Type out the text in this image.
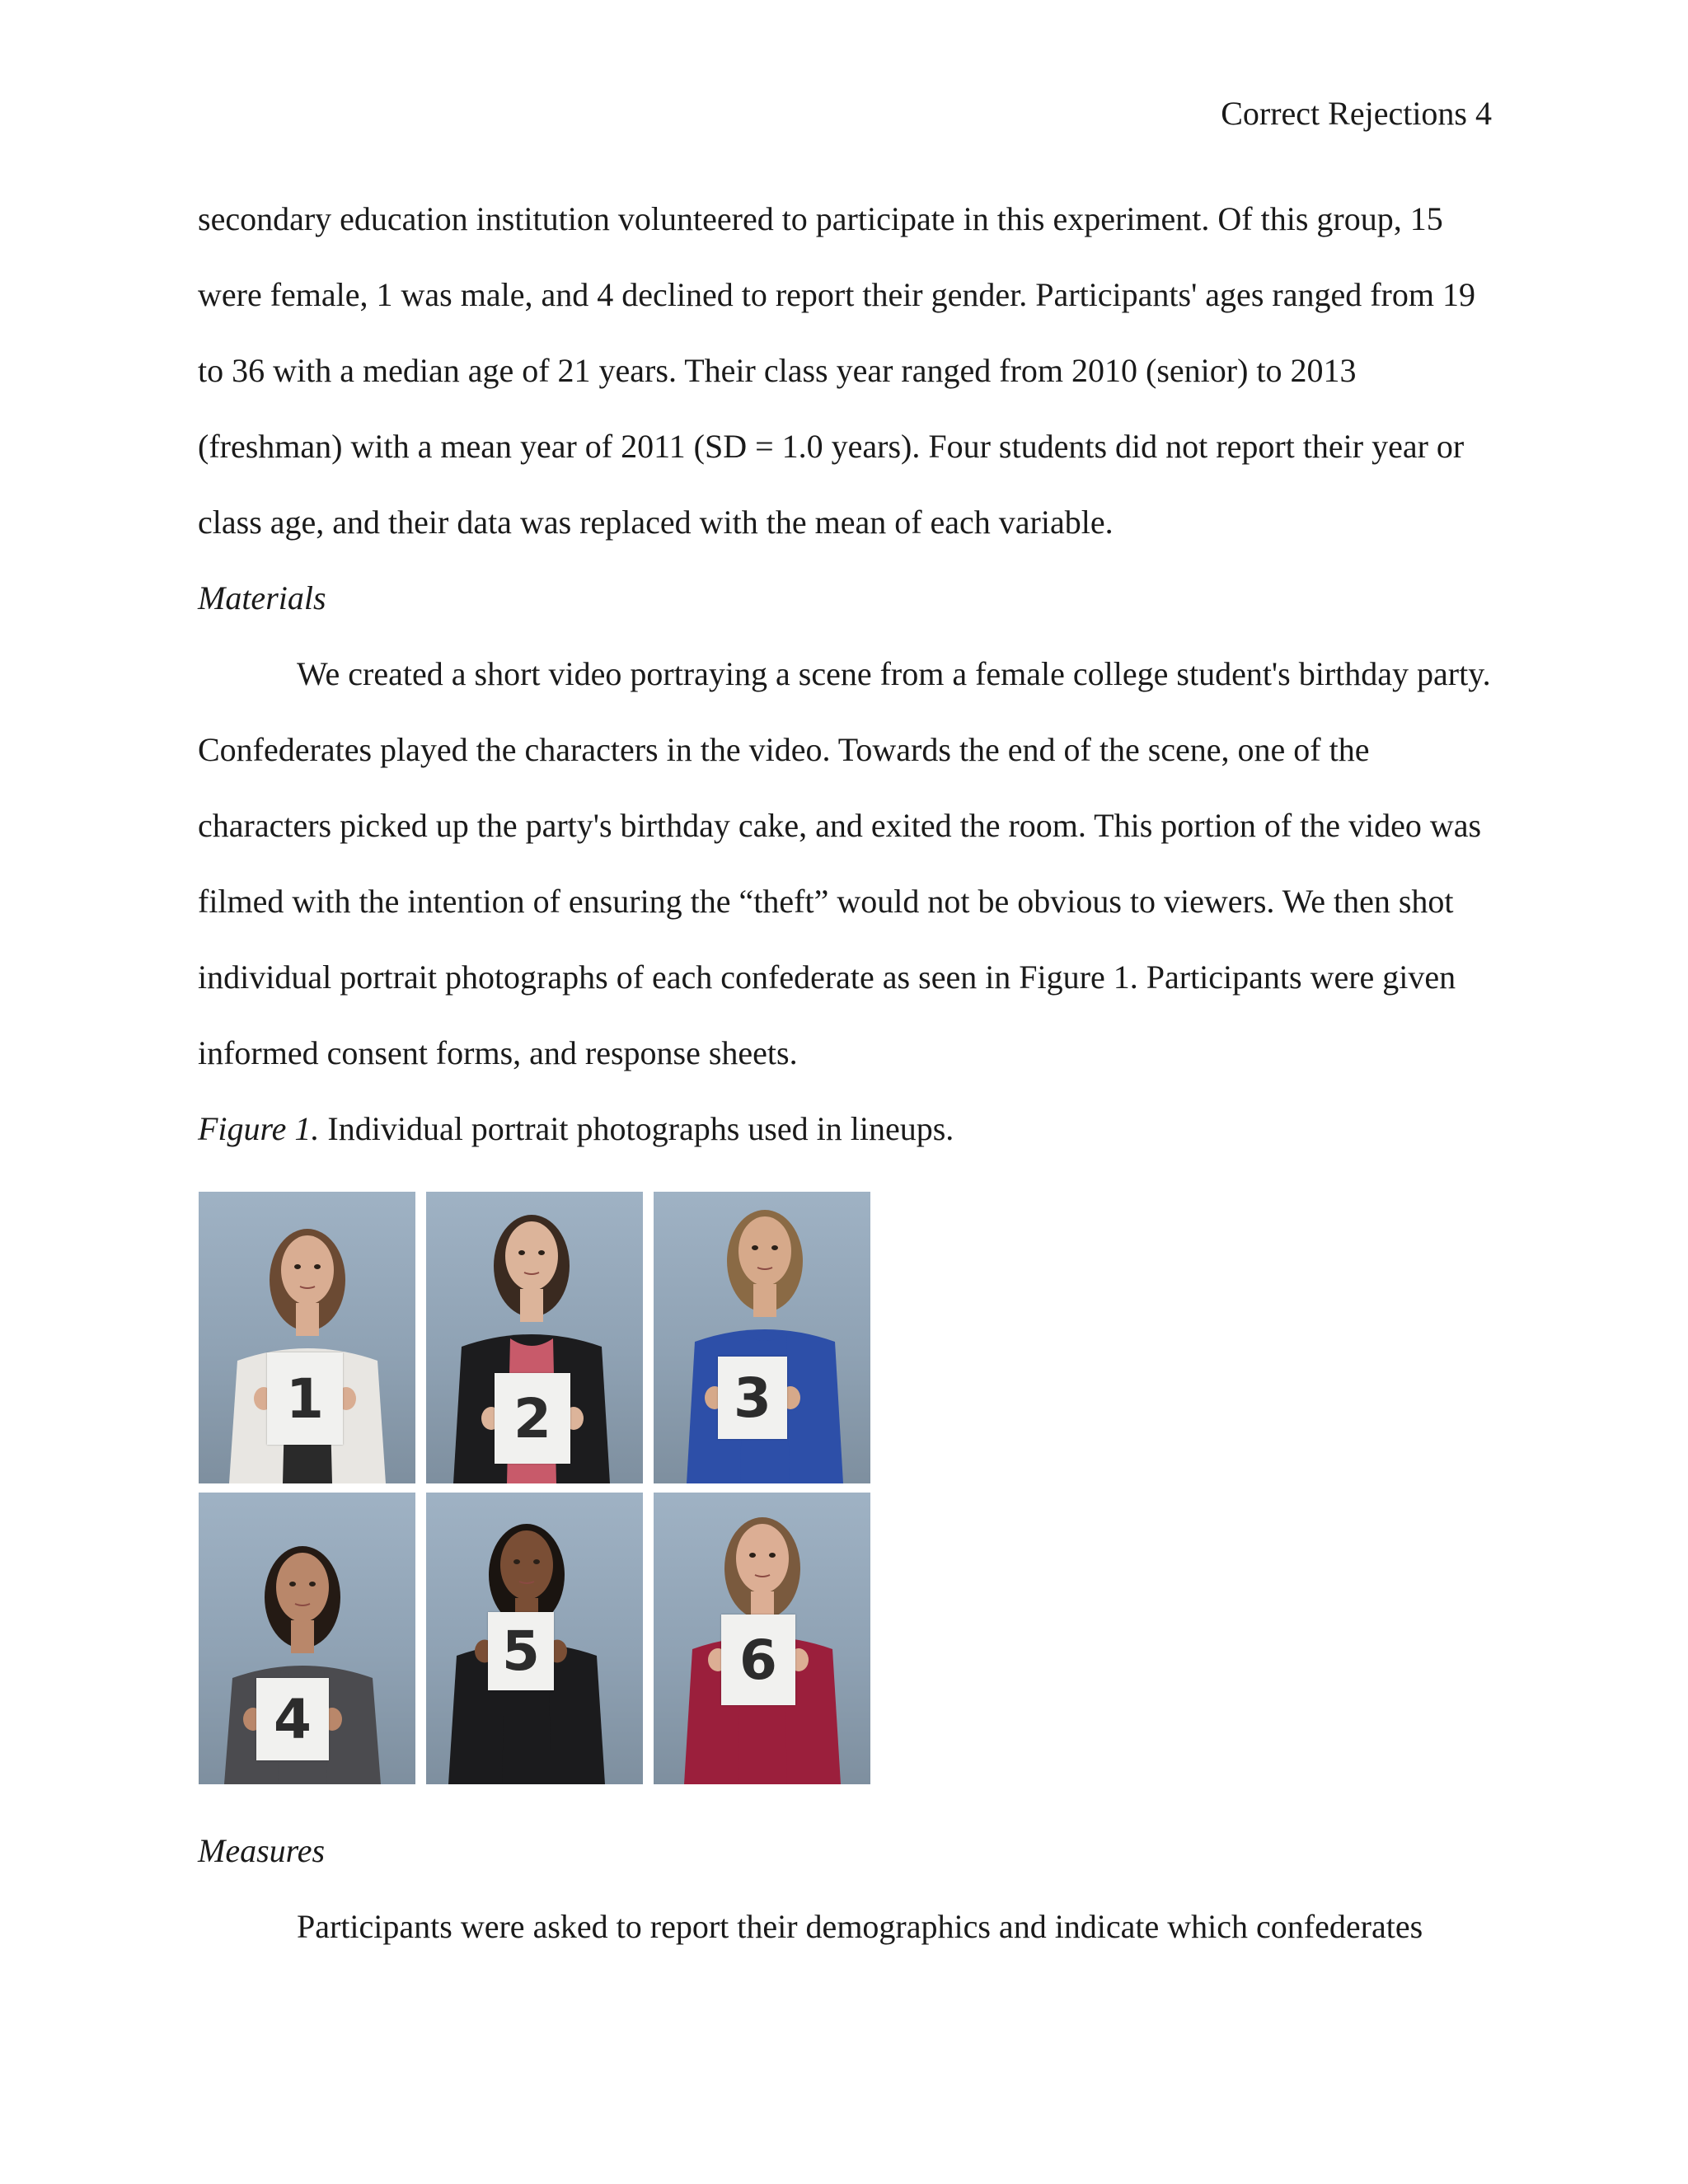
Correct Rejections 4

secondary education institution volunteered to participate in this experiment. Of this group, 15 were female, 1 was male, and 4 declined to report their gender. Participants' ages ranged from 19 to 36 with a median age of 21 years. Their class year ranged from 2010 (senior) to 2013 (freshman) with a mean year of 2011 (SD = 1.0 years). Four students did not report their year or class age, and their data was replaced with the mean of each variable.

Materials

We created a short video portraying a scene from a female college student's birthday party. Confederates played the characters in the video. Towards the end of the scene, one of the characters picked up the party's birthday cake, and exited the room. This portion of the video was filmed with the intention of ensuring the “theft” would not be obvious to viewers. We then shot individual portrait photographs of each confederate as seen in Figure 1. Participants were given informed consent forms, and response sheets.

Figure 1. Individual portrait photographs used in lineups.

1	2	3
4
5	6

Measures

Participants were asked to report their demographics and indicate which confederates
